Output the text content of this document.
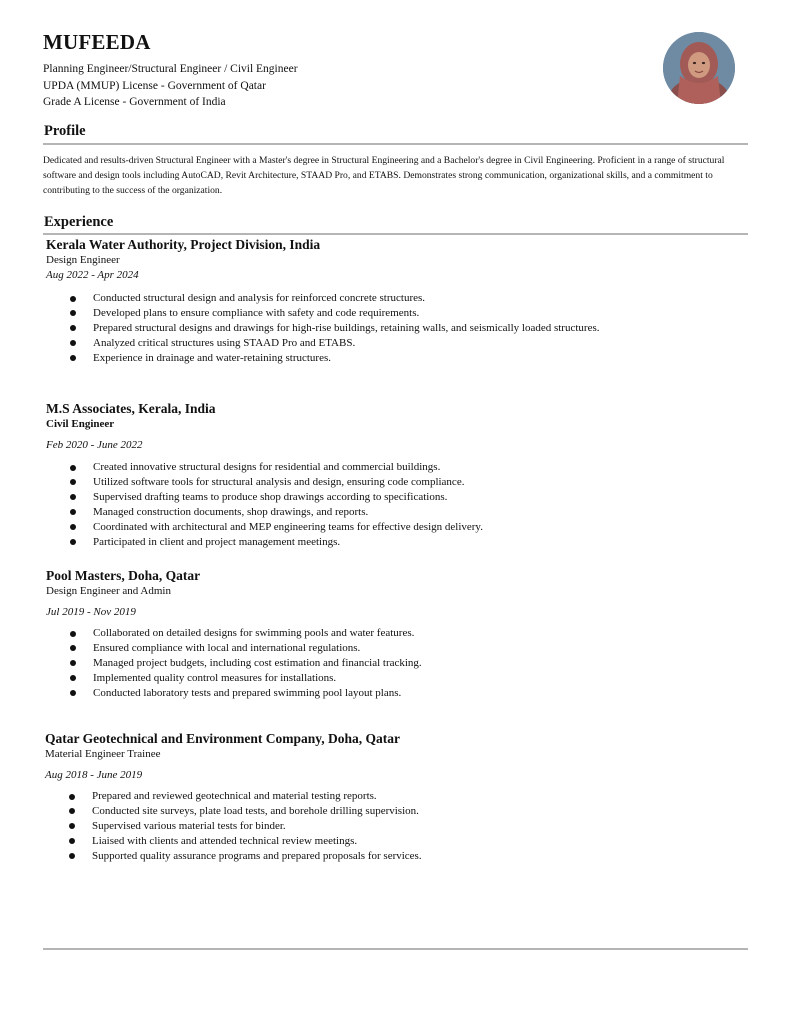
MUFEEDA
Planning Engineer/Structural Engineer / Civil Engineer
UPDA (MMUP) License - Government of Qatar
Grade A License - Government of India
Profile
Dedicated and results-driven Structural Engineer with a Master's degree in Structural Engineering and a Bachelor's degree in Civil Engineering. Proficient in a range of structural software and design tools including AutoCAD, Revit Architecture, STAAD Pro, and ETABS. Demonstrates strong communication, organizational skills, and a commitment to contributing to the success of the organization.
Experience
Kerala Water Authority, Project Division, India
Design Engineer
Aug 2022 - Apr 2024
Conducted structural design and analysis for reinforced concrete structures.
Developed plans to ensure compliance with safety and code requirements.
Prepared structural designs and drawings for high-rise buildings, retaining walls, and seismically loaded structures.
Analyzed critical structures using STAAD Pro and ETABS.
Experience in drainage and water-retaining structures.
M.S Associates, Kerala, India
Civil Engineer
Feb 2020 - June 2022
Created innovative structural designs for residential and commercial buildings.
Utilized software tools for structural analysis and design, ensuring code compliance.
Supervised drafting teams to produce shop drawings according to specifications.
Managed construction documents, shop drawings, and reports.
Coordinated with architectural and MEP engineering teams for effective design delivery.
Participated in client and project management meetings.
Pool Masters, Doha, Qatar
Design Engineer and Admin
Jul 2019 - Nov 2019
Collaborated on detailed designs for swimming pools and water features.
Ensured compliance with local and international regulations.
Managed project budgets, including cost estimation and financial tracking.
Implemented quality control measures for installations.
Conducted laboratory tests and prepared swimming pool layout plans.
Qatar Geotechnical and Environment Company, Doha, Qatar
Material Engineer Trainee
Aug 2018 - June 2019
Prepared and reviewed geotechnical and material testing reports.
Conducted site surveys, plate load tests, and borehole drilling supervision.
Supervised various material tests for binder.
Liaised with clients and attended technical review meetings.
Supported quality assurance programs and prepared proposals for services.
